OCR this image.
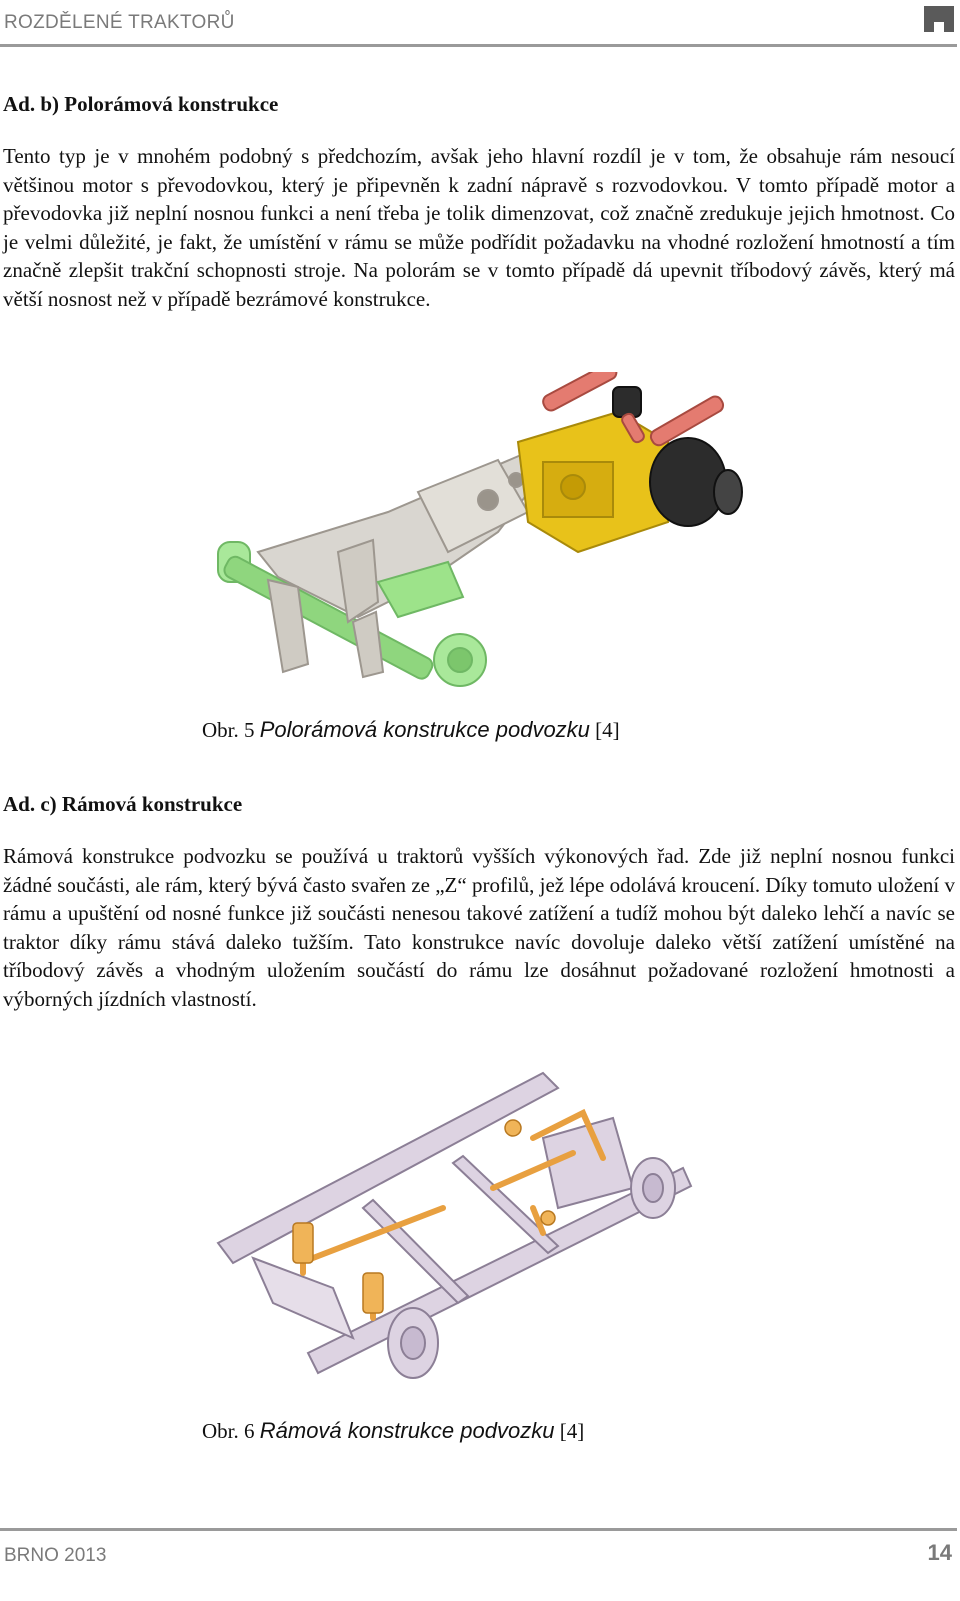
ROZDĚLENÉ TRAKTORŮ
Ad. b) Polorámová konstrukce
Tento typ je v mnohém podobný s předchozím, avšak jeho hlavní rozdíl je v tom, že obsahuje rám nesoucí většinou motor s převodovkou, který je připevněn k zadní nápravě s rozvodovkou. V tomto případě motor a převodovka již neplní nosnou funkci a není třeba je tolik dimenzovat, což značně zredukuje jejich hmotnost. Co je velmi důležité, je fakt, že umístění v rámu se může podřídit požadavku na vhodné rozložení hmotností a tím značně zlepšit trakční schopnosti stroje. Na polorám se v tomto případě dá upevnit tříbodový závěs, který má větší nosnost než v případě bezrámové konstrukce.
Obr. 5 Polorámová konstrukce podvozku [4]
Ad. c) Rámová konstrukce
Rámová konstrukce podvozku se používá u traktorů vyšších výkonových řad. Zde již neplní nosnou funkci žádné součásti, ale rám, který bývá často svařen ze „Z“ profilů, jež lépe odolává kroucení. Díky tomuto uložení v rámu a upuštění od nosné funkce již součásti nenesou takové zatížení a tudíž mohou být daleko lehčí a navíc se traktor díky rámu stává daleko tužším. Tato konstrukce navíc dovoluje daleko větší zatížení umístěné na tříbodový závěs a vhodným uložením součástí do rámu lze dosáhnut požadované rozložení hmotnosti a výborných jízdních vlastností.
Obr. 6 Rámová konstrukce podvozku [4]
BRNO 2013	14
